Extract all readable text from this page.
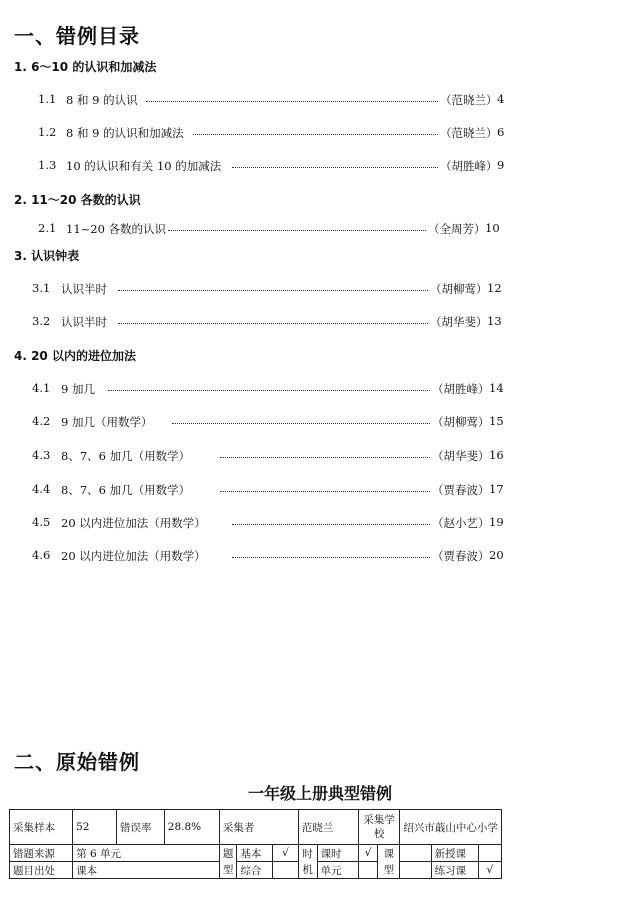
一、错例目录
1. 6～10 的认识和加减法
2. 11～20 各数的认识
3. 认识钟表
4. 20 以内的进位加法
1.1 8 和 9 的认识	（范晓兰） 4
1.2 8 和 9 的认识和加减法	（范晓兰） 6
1.3 10 的认识和有关 10 的加减法	（胡胜峰） 9
2.1 11~20 各数的认识	（全周芳） 10
3.1 认识半时	（胡柳莺） 12
3.2 认识半时	（胡华斐） 13
4.1 9 加几	（胡胜峰） 14
4.2 9 加几（用数学）	（胡柳莺） 15
4.3 8、7、6 加几（用数学）	（胡华斐） 16
4.4 8、7、6 加几（用数学）	（贾春波） 17
4.5 20 以内进位加法（用数学）	（赵小艺） 19
4.6 20 以内进位加法（用数学）	（贾春波） 20
二、原始错例
一年级上册典型错例
采集样本	52	错误率	28.8%	采集者			范晓兰		采集学校		绍兴市蕺山中心小学		
错题来源	第 6 单元			题型	基本	√	时机	课时	√	课型		新授课	
题目出处	课本				综合			单元				练习课	√
